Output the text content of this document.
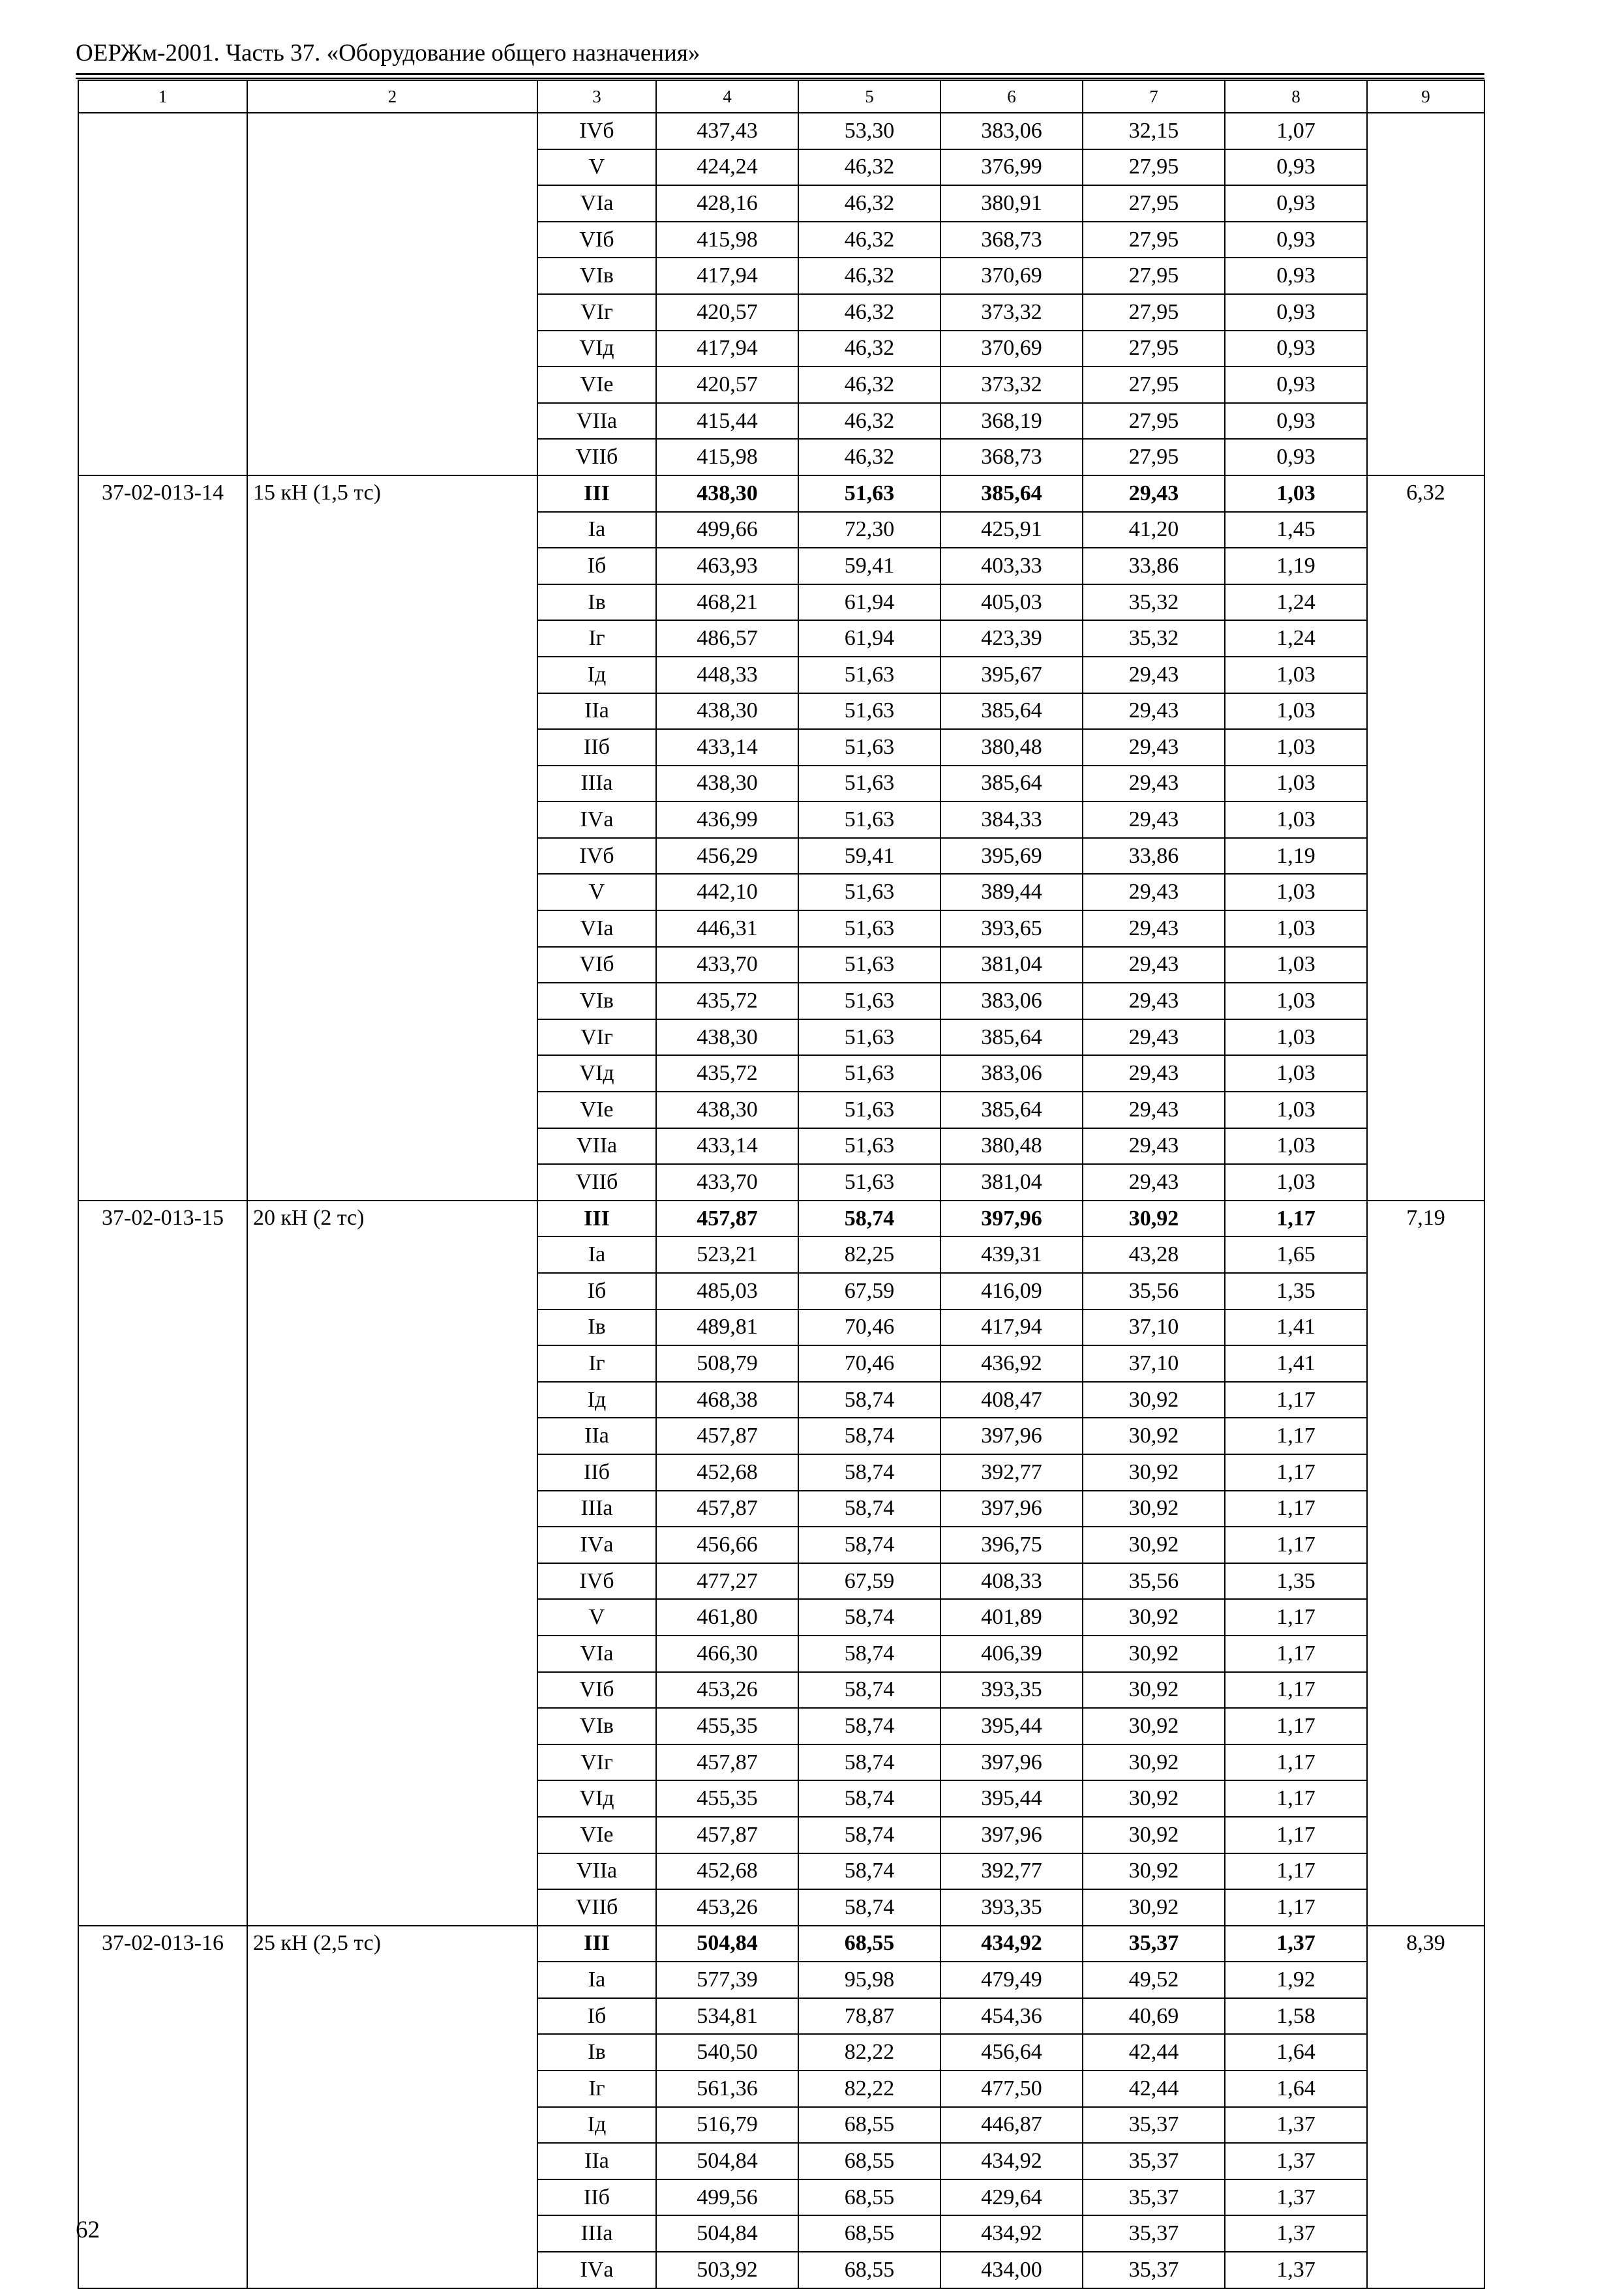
ОЕРЖм-2001. Часть 37. «Оборудование общего назначения»
1	2	3	4	5	6	7	8	9
		IVб	437,43	53,30	383,06	32,15	1,07	
		V	424,24	46,32	376,99	27,95	0,93	
		VIа	428,16	46,32	380,91	27,95	0,93	
		VIб	415,98	46,32	368,73	27,95	0,93	
		VIв	417,94	46,32	370,69	27,95	0,93	
		VIг	420,57	46,32	373,32	27,95	0,93	
		VIд	417,94	46,32	370,69	27,95	0,93	
		VIе	420,57	46,32	373,32	27,95	0,93	
		VIIа	415,44	46,32	368,19	27,95	0,93	
		VIIб	415,98	46,32	368,73	27,95	0,93	
37-02-013-14	15 кН (1,5 тс)	III	438,30	51,63	385,64	29,43	1,03	6,32
		Iа	499,66	72,30	425,91	41,20	1,45	
		Iб	463,93	59,41	403,33	33,86	1,19	
		Iв	468,21	61,94	405,03	35,32	1,24	
		Iг	486,57	61,94	423,39	35,32	1,24	
		Iд	448,33	51,63	395,67	29,43	1,03	
		IIа	438,30	51,63	385,64	29,43	1,03	
		IIб	433,14	51,63	380,48	29,43	1,03	
		IIIа	438,30	51,63	385,64	29,43	1,03	
		IVа	436,99	51,63	384,33	29,43	1,03	
		IVб	456,29	59,41	395,69	33,86	1,19	
		V	442,10	51,63	389,44	29,43	1,03	
		VIа	446,31	51,63	393,65	29,43	1,03	
		VIб	433,70	51,63	381,04	29,43	1,03	
		VIв	435,72	51,63	383,06	29,43	1,03	
		VIг	438,30	51,63	385,64	29,43	1,03	
		VIд	435,72	51,63	383,06	29,43	1,03	
		VIе	438,30	51,63	385,64	29,43	1,03	
		VIIа	433,14	51,63	380,48	29,43	1,03	
		VIIб	433,70	51,63	381,04	29,43	1,03	
37-02-013-15	20 кН (2 тс)	III	457,87	58,74	397,96	30,92	1,17	7,19
		Iа	523,21	82,25	439,31	43,28	1,65	
		Iб	485,03	67,59	416,09	35,56	1,35	
		Iв	489,81	70,46	417,94	37,10	1,41	
		Iг	508,79	70,46	436,92	37,10	1,41	
		Iд	468,38	58,74	408,47	30,92	1,17	
		IIа	457,87	58,74	397,96	30,92	1,17	
		IIб	452,68	58,74	392,77	30,92	1,17	
		IIIа	457,87	58,74	397,96	30,92	1,17	
		IVа	456,66	58,74	396,75	30,92	1,17	
		IVб	477,27	67,59	408,33	35,56	1,35	
		V	461,80	58,74	401,89	30,92	1,17	
		VIа	466,30	58,74	406,39	30,92	1,17	
		VIб	453,26	58,74	393,35	30,92	1,17	
		VIв	455,35	58,74	395,44	30,92	1,17	
		VIг	457,87	58,74	397,96	30,92	1,17	
		VIд	455,35	58,74	395,44	30,92	1,17	
		VIе	457,87	58,74	397,96	30,92	1,17	
		VIIа	452,68	58,74	392,77	30,92	1,17	
		VIIб	453,26	58,74	393,35	30,92	1,17	
37-02-013-16	25 кН (2,5 тс)	III	504,84	68,55	434,92	35,37	1,37	8,39
		Iа	577,39	95,98	479,49	49,52	1,92	
		Iб	534,81	78,87	454,36	40,69	1,58	
		Iв	540,50	82,22	456,64	42,44	1,64	
		Iг	561,36	82,22	477,50	42,44	1,64	
		Iд	516,79	68,55	446,87	35,37	1,37	
		IIа	504,84	68,55	434,92	35,37	1,37	
		IIб	499,56	68,55	429,64	35,37	1,37	
		IIIа	504,84	68,55	434,92	35,37	1,37	
		IVа	503,92	68,55	434,00	35,37	1,37	
62
